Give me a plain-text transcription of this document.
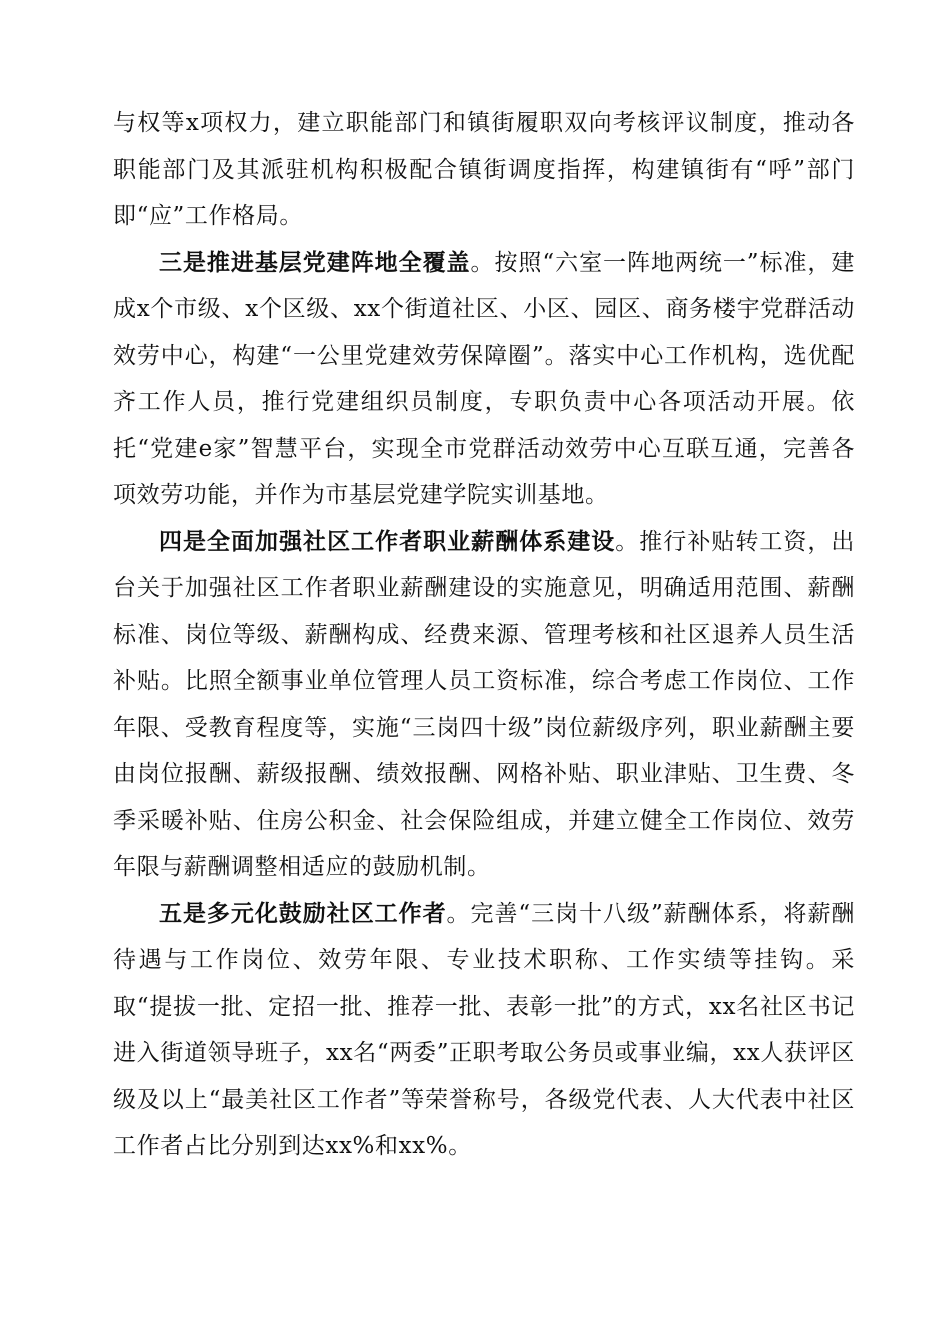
与权等x项权力，建立职能部门和镇街履职双向考核评议制度，推动各职能部门及其派驻机构积极配合镇街调度指挥，构建镇街有“呼”部门即“应”工作格局。

三是推进基层党建阵地全覆盖。按照“六室一阵地两统一”标准，建成x个市级、x个区级、xx个街道社区、小区、园区、商务楼宇党群活动效劳中心，构建“一公里党建效劳保障圈”。落实中心工作机构，选优配齐工作人员，推行党建组织员制度，专职负责中心各项活动开展。依托“党建e家”智慧平台，实现全市党群活动效劳中心互联互通，完善各项效劳功能，并作为市基层党建学院实训基地。

四是全面加强社区工作者职业薪酬体系建设。推行补贴转工资，出台关于加强社区工作者职业薪酬建设的实施意见，明确适用范围、薪酬标准、岗位等级、薪酬构成、经费来源、管理考核和社区退养人员生活补贴。比照全额事业单位管理人员工资标准，综合考虑工作岗位、工作年限、受教育程度等，实施“三岗四十级”岗位薪级序列，职业薪酬主要由岗位报酬、薪级报酬、绩效报酬、网格补贴、职业津贴、卫生费、冬季采暖补贴、住房公积金、社会保险组成，并建立健全工作岗位、效劳年限与薪酬调整相适应的鼓励机制。

五是多元化鼓励社区工作者。完善“三岗十八级”薪酬体系，将薪酬待遇与工作岗位、效劳年限、专业技术职称、工作实绩等挂钩。采取“提拔一批、定招一批、推荐一批、表彰一批”的方式，xx名社区书记进入街道领导班子，xx名“两委”正职考取公务员或事业编，xx人获评区级及以上“最美社区工作者”等荣誉称号，各级党代表、人大代表中社区工作者占比分别到达xx%和xx%。
